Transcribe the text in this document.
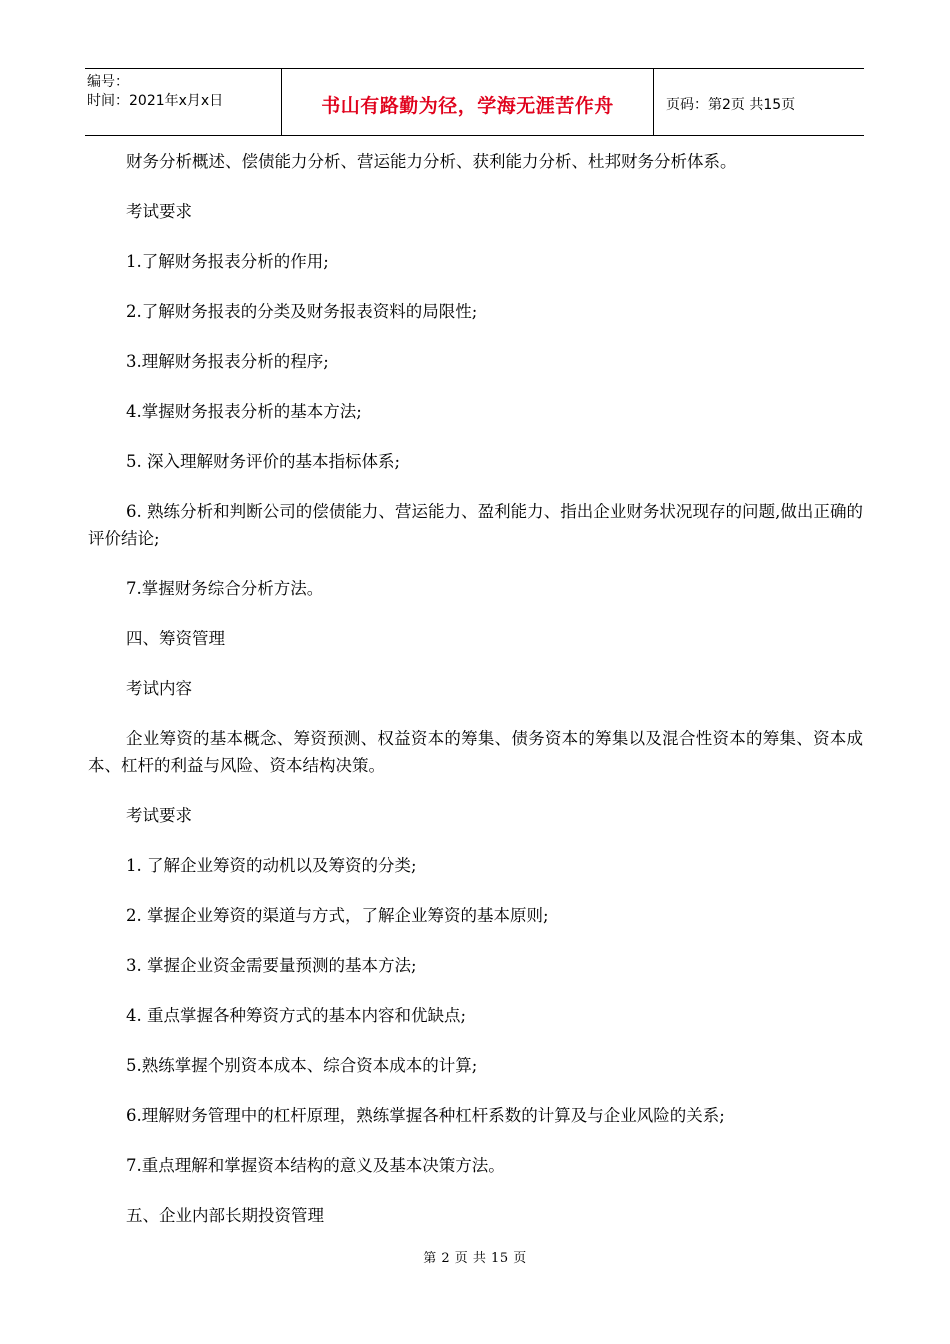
编号：
时间：2021年x月x日	书山有路勤为径，学海无涯苦作舟	页码：第2页 共15页

财务分析概述、偿债能力分析、营运能力分析、获利能力分析、杜邦财务分析体系。

考试要求

1.了解财务报表分析的作用;

2.了解财务报表的分类及财务报表资料的局限性;

3.理解财务报表分析的程序;

4.掌握财务报表分析的基本方法;

5. 深入理解财务评价的基本指标体系;

6. 熟练分析和判断公司的偿债能力、营运能力、盈利能力、指出企业财务状况现存的问题,做出正确的评价结论;

7.掌握财务综合分析方法。

四、筹资管理

考试内容

企业筹资的基本概念、筹资预测、权益资本的筹集、债务资本的筹集以及混合性资本的筹集、资本成本、杠杆的利益与风险、资本结构决策。

考试要求

1. 了解企业筹资的动机以及筹资的分类;

2. 掌握企业筹资的渠道与方式，了解企业筹资的基本原则;

3. 掌握企业资金需要量预测的基本方法;

4. 重点掌握各种筹资方式的基本内容和优缺点;

5.熟练掌握个别资本成本、综合资本成本的计算;

6.理解财务管理中的杠杆原理，熟练掌握各种杠杆系数的计算及与企业风险的关系;

7.重点理解和掌握资本结构的意义及基本决策方法。

五、企业内部长期投资管理

第 2 页 共 15 页
